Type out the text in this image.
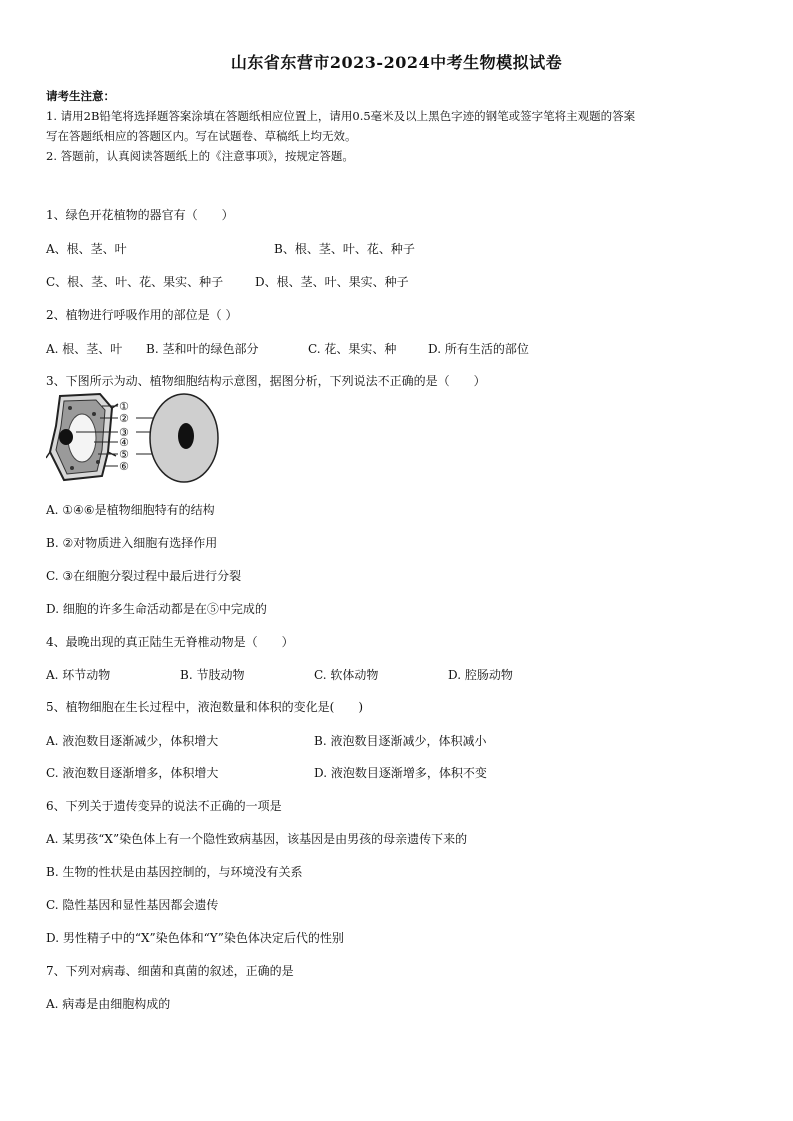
山东省东营市2023-2024中考生物模拟试卷
请考生注意：
1. 请用2B铅笔将选择题答案涂填在答题纸相应位置上，请用0.5毫米及以上黑色字迹的钢笔或签字笔将主观题的答案
写在答题纸相应的答题区内。写在试题卷、草稿纸上均无效。
2. 答题前，认真阅读答题纸上的《注意事项》，按规定答题。
1、绿色开花植物的器官有（　　）
A、根、茎、叶	B、根、茎、叶、花、种子
C、根、茎、叶、花、果实、种子	D、根、茎、叶、果实、种子
2、植物进行呼吸作用的部位是（ ）
A. 根、茎、叶 B. 茎和叶的绿色部分	C. 花、果实、种	D. 所有生活的部位
3、下图所示为动、植物细胞结构示意图，据图分析，下列说法不正确的是（　　）
①
②
③
④
⑤
⑥
A. ①④⑥是植物细胞特有的结构
B. ②对物质进入细胞有选择作用
C. ③在细胞分裂过程中最后进行分裂
D. 细胞的许多生命活动都是在⑤中完成的
4、最晚出现的真正陆生无脊椎动物是（　　）
A. 环节动物	B. 节肢动物	C. 软体动物	D. 腔肠动物
5、植物细胞在生长过程中，液泡数量和体积的变化是(　　)
A. 液泡数目逐渐减少，体积增大	B. 液泡数目逐渐减少，体积减小
C. 液泡数目逐渐增多，体积增大	D. 液泡数目逐渐增多，体积不变
6、下列关于遗传变异的说法不正确的一项是
A. 某男孩“X”染色体上有一个隐性致病基因，该基因是由男孩的母亲遗传下来的
B. 生物的性状是由基因控制的，与环境没有关系
C. 隐性基因和显性基因都会遗传
D. 男性精子中的“X”染色体和“Y”染色体决定后代的性别
7、下列对病毒、细菌和真菌的叙述，正确的是
A. 病毒是由细胞构成的
